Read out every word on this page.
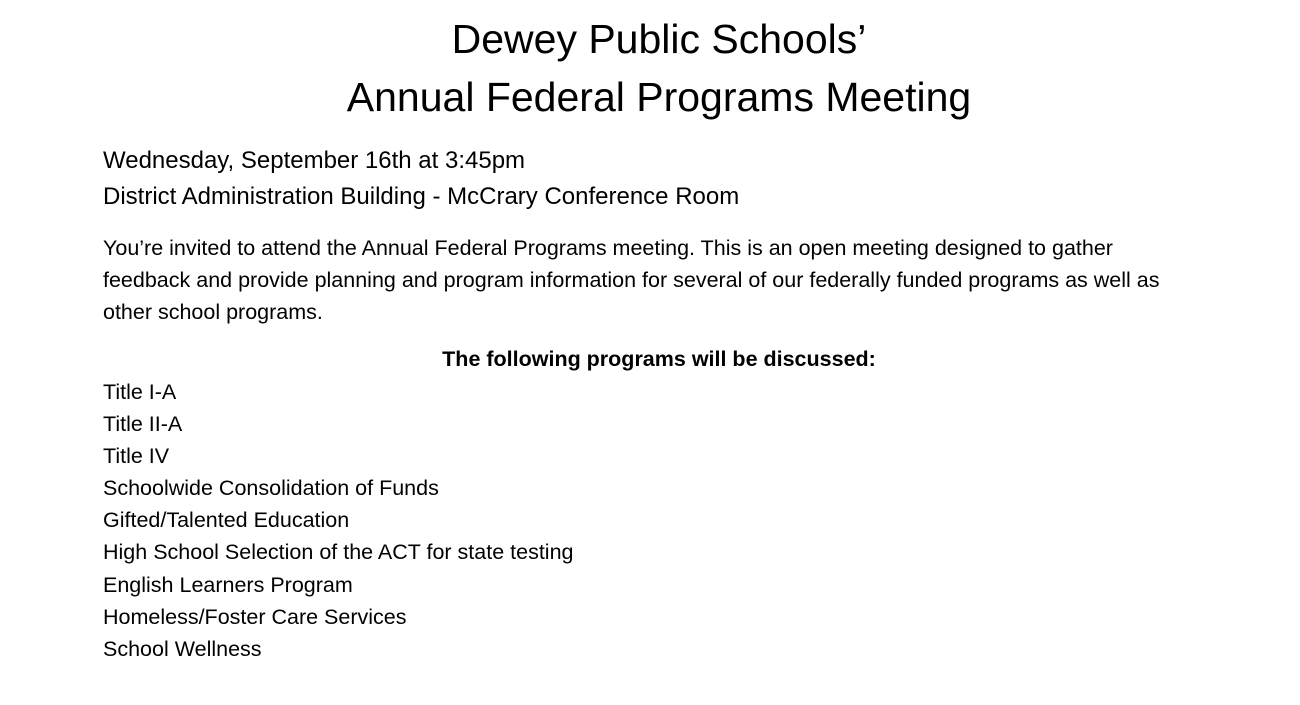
Dewey Public Schools’
Annual Federal Programs Meeting

Wednesday, September 16th at 3:45pm

District Administration Building - McCrary Conference Room

You’re invited to attend the Annual Federal Programs meeting. This is an open meeting designed to gather feedback and provide planning and program information for several of our federally funded programs as well as other school programs.

The following programs will be discussed:

Title I-A
Title II-A
Title IV
Schoolwide Consolidation of Funds
Gifted/Talented Education
High School Selection of the ACT for state testing
English Learners Program
Homeless/Foster Care Services
School Wellness
